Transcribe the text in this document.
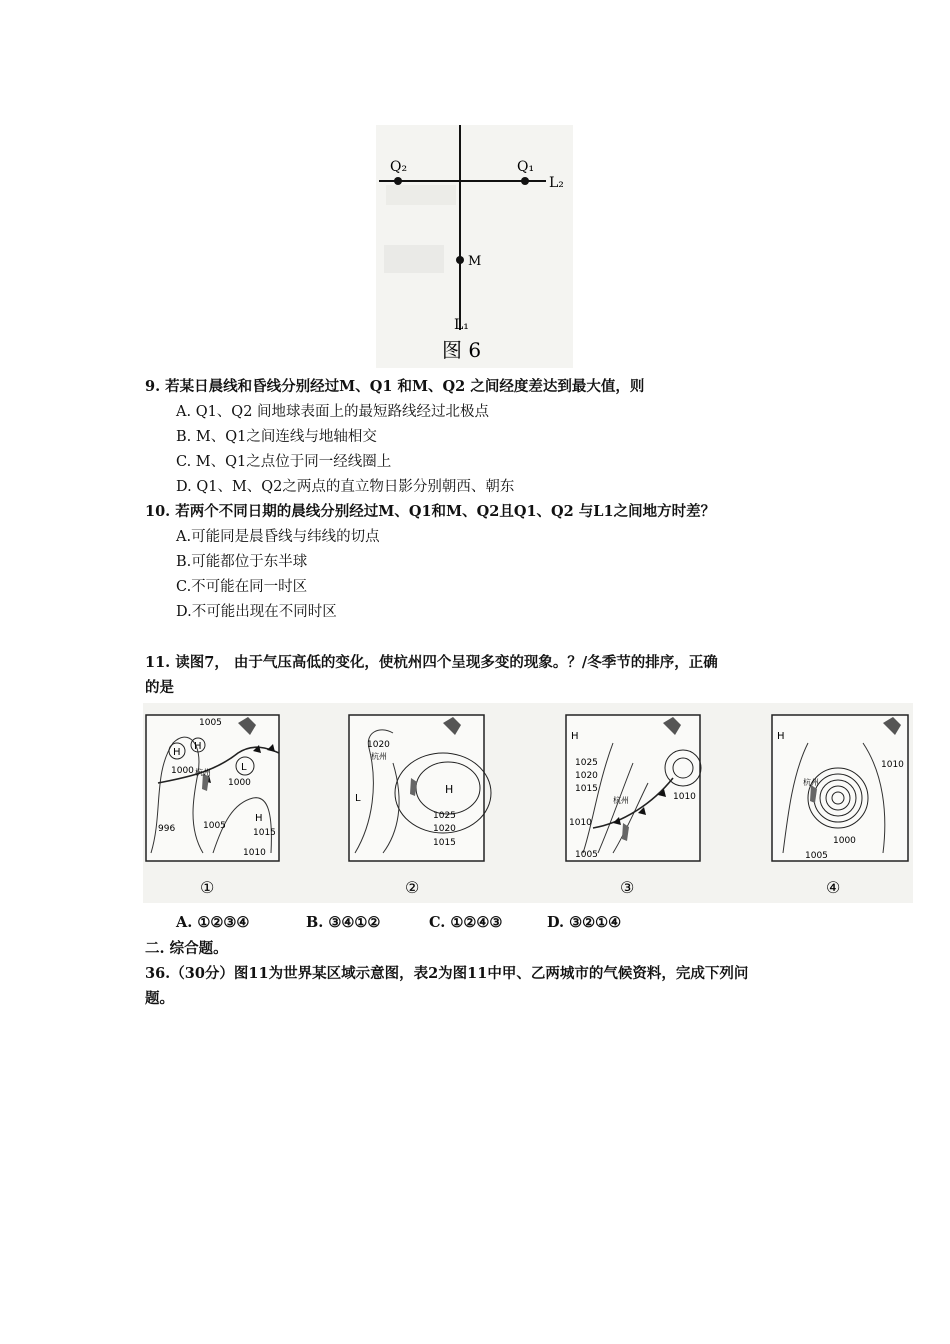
Q₂	Q₁
L₂
M
L₁
图 6
9. 若某日晨线和昏线分别经过M、Q1 和M、Q2 之间经度差达到最大值，则
A. Q1、Q2 间地球表面上的最短路线经过北极点
B. M、Q1之间连线与地轴相交
C. M、Q1之点位于同一经线圈上
D. Q1、M、Q2之两点的直立物日影分别朝西、朝东
10. 若两个不同日期的晨线分别经过M、Q1和M、Q2且Q1、Q2 与L1之间地方时差？
A.可能同是晨昏线与纬线的切点
B.可能都位于东半球
C.不可能在同一时区
D.不可能出现在不同时区
11. 读图7， 由于气压高低的变化，使杭州四个呈现多变的现象。？/冬季节的排序，正确
的是
1005
H
H
1000 杭州	L
1000
996	1005
H
1015
1010
①
1020
杭州
H
L
1025
1020
1015
②
H
1025
1020
1015
1010
1005
1010
杭州
③
H
杭州
1010
1000
1005
④
A. ①②③④	B. ③④①②	C. ①②④③	D. ③②①④
二. 综合题。
36.（30分）图11为世界某区域示意图，表2为图11中甲、乙两城市的气候资料，完成下列问
题。
